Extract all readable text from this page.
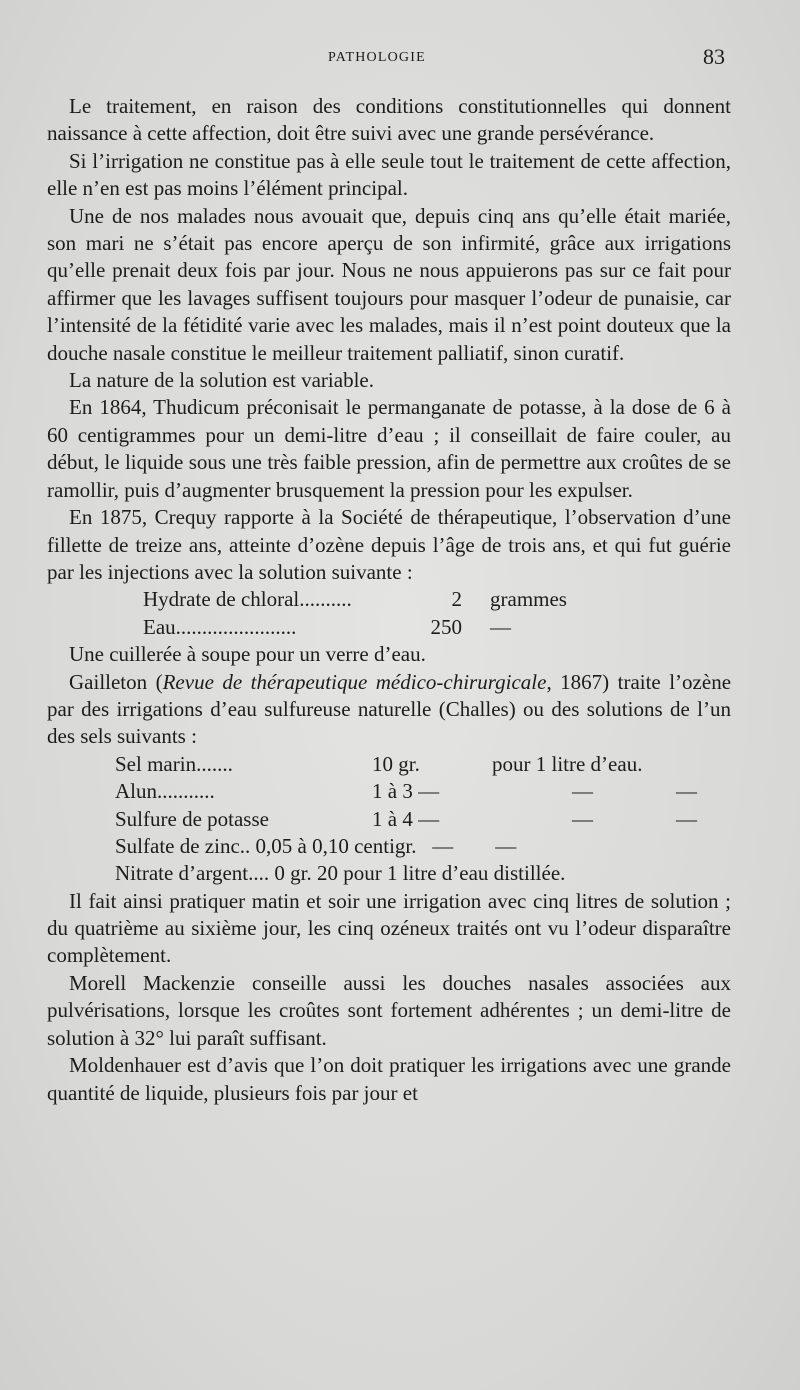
PATHOLOGIE	83

Le traitement, en raison des conditions constitutionnelles qui donnent naissance à cette affection, doit être suivi avec une grande persévérance.

Si l’irrigation ne constitue pas à elle seule tout le traitement de cette affection, elle n’en est pas moins l’élément principal.

Une de nos malades nous avouait que, depuis cinq ans qu’elle était mariée, son mari ne s’était pas encore aperçu de son infirmité, grâce aux irrigations qu’elle prenait deux fois par jour. Nous ne nous appuierons pas sur ce fait pour affirmer que les lavages suffisent toujours pour masquer l’odeur de punaisie, car l’intensité de la fétidité varie avec les malades, mais il n’est point douteux que la douche nasale constitue le meilleur traitement palliatif, sinon curatif.

La nature de la solution est variable.

En 1864, Thudicum préconisait le permanganate de potasse, à la dose de 6 à 60 centigrammes pour un demi-litre d’eau ; il conseillait de faire couler, au début, le liquide sous une très faible pression, afin de permettre aux croûtes de se ramollir, puis d’augmenter brusquement la pression pour les expulser.

En 1875, Crequy rapporte à la Société de thérapeutique, l’observation d’une fillette de treize ans, atteinte d’ozène depuis l’âge de trois ans, et qui fut guérie par les injections avec la solution suivante :

Hydrate de chloral..........	2	grammes
Eau.......................	250	—

Une cuillerée à soupe pour un verre d’eau.

Gailleton (Revue de thérapeutique médico-chirurgicale, 1867) traite l’ozène par des irrigations d’eau sulfureuse naturelle (Challes) ou des solutions de l’un des sels suivants :

Sel marin.......	10 gr.	pour 1 litre d’eau.
Alun...........	1 à 3 —	—	—
Sulfure de potasse	1 à 4 —	—	—
Sulfate de zinc.. 0,05 à 0,10 centigr.   —        —
Nitrate d’argent.... 0 gr. 20 pour 1 litre d’eau distillée.

Il fait ainsi pratiquer matin et soir une irrigation avec cinq litres de solution ; du quatrième au sixième jour, les cinq ozéneux traités ont vu l’odeur disparaître complètement.

Morell Mackenzie conseille aussi les douches nasales associées aux pulvérisations, lorsque les croûtes sont fortement adhérentes ; un demi-litre de solution à 32° lui paraît suffisant.

Moldenhauer est d’avis que l’on doit pratiquer les irrigations avec une grande quantité de liquide, plusieurs fois par jour et
